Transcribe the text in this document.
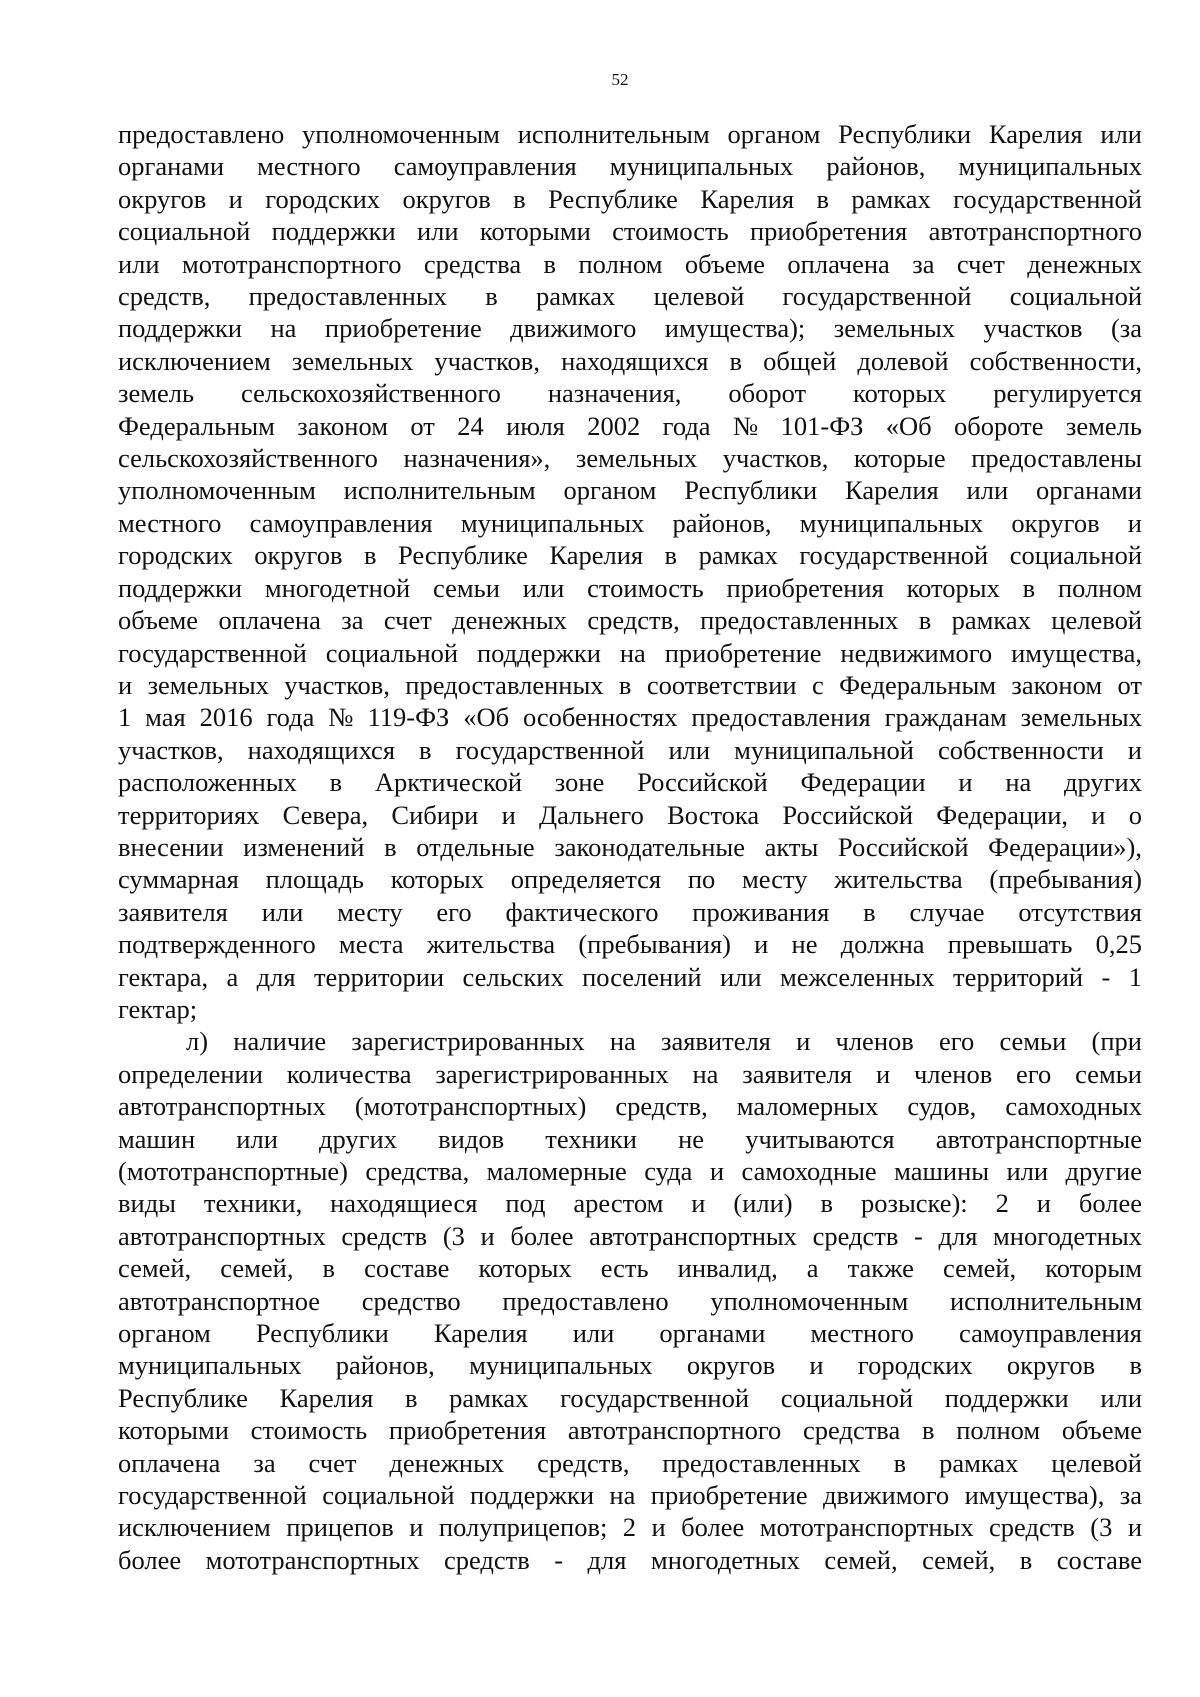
52
предоставлено уполномоченным исполнительным органом Республики Карелия или
органами местного самоуправления муниципальных районов, муниципальных
округов и городских округов в Республике Карелия в рамках государственной
социальной поддержки или которыми стоимость приобретения автотранспортного
или мототранспортного средства в полном объеме оплачена за счет денежных
средств, предоставленных в рамках целевой государственной социальной
поддержки на приобретение движимого имущества); земельных участков (за
исключением земельных участков, находящихся в общей долевой собственности,
земель сельскохозяйственного назначения, оборот которых регулируется
Федеральным законом от 24 июля 2002 года № 101-ФЗ «Об обороте земель
сельскохозяйственного назначения», земельных участков, которые предоставлены
уполномоченным исполнительным органом Республики Карелия или органами
местного самоуправления муниципальных районов, муниципальных округов и
городских округов в Республике Карелия в рамках государственной социальной
поддержки многодетной семьи или стоимость приобретения которых в полном
объеме оплачена за счет денежных средств, предоставленных в рамках целевой
государственной социальной поддержки на приобретение недвижимого имущества,
и земельных участков, предоставленных в соответствии с Федеральным законом от
1 мая 2016 года № 119-ФЗ «Об особенностях предоставления гражданам земельных
участков, находящихся в государственной или муниципальной собственности и
расположенных в Арктической зоне Российской Федерации и на других
территориях Севера, Сибири и Дальнего Востока Российской Федерации, и о
внесении изменений в отдельные законодательные акты Российской Федерации»),
суммарная площадь которых определяется по месту жительства (пребывания)
заявителя или месту его фактического проживания в случае отсутствия
подтвержденного места жительства (пребывания) и не должна превышать 0,25
гектара, а для территории сельских поселений или межселенных территорий - 1
гектар;
л) наличие зарегистрированных на заявителя и членов его семьи (при
определении количества зарегистрированных на заявителя и членов его семьи
автотранспортных (мототранспортных) средств, маломерных судов, самоходных
машин или других видов техники не учитываются автотранспортные
(мототранспортные) средства, маломерные суда и самоходные машины или другие
виды техники, находящиеся под арестом и (или) в розыске): 2 и более
автотранспортных средств (3 и более автотранспортных средств - для многодетных
семей, семей, в составе которых есть инвалид, а также семей, которым
автотранспортное средство предоставлено уполномоченным исполнительным
органом Республики Карелия или органами местного самоуправления
муниципальных районов, муниципальных округов и городских округов в
Республике Карелия в рамках государственной социальной поддержки или
которыми стоимость приобретения автотранспортного средства в полном объеме
оплачена за счет денежных средств, предоставленных в рамках целевой
государственной социальной поддержки на приобретение движимого имущества), за
исключением прицепов и полуприцепов; 2 и более мототранспортных средств (3 и
более мототранспортных средств - для многодетных семей, семей, в составе
